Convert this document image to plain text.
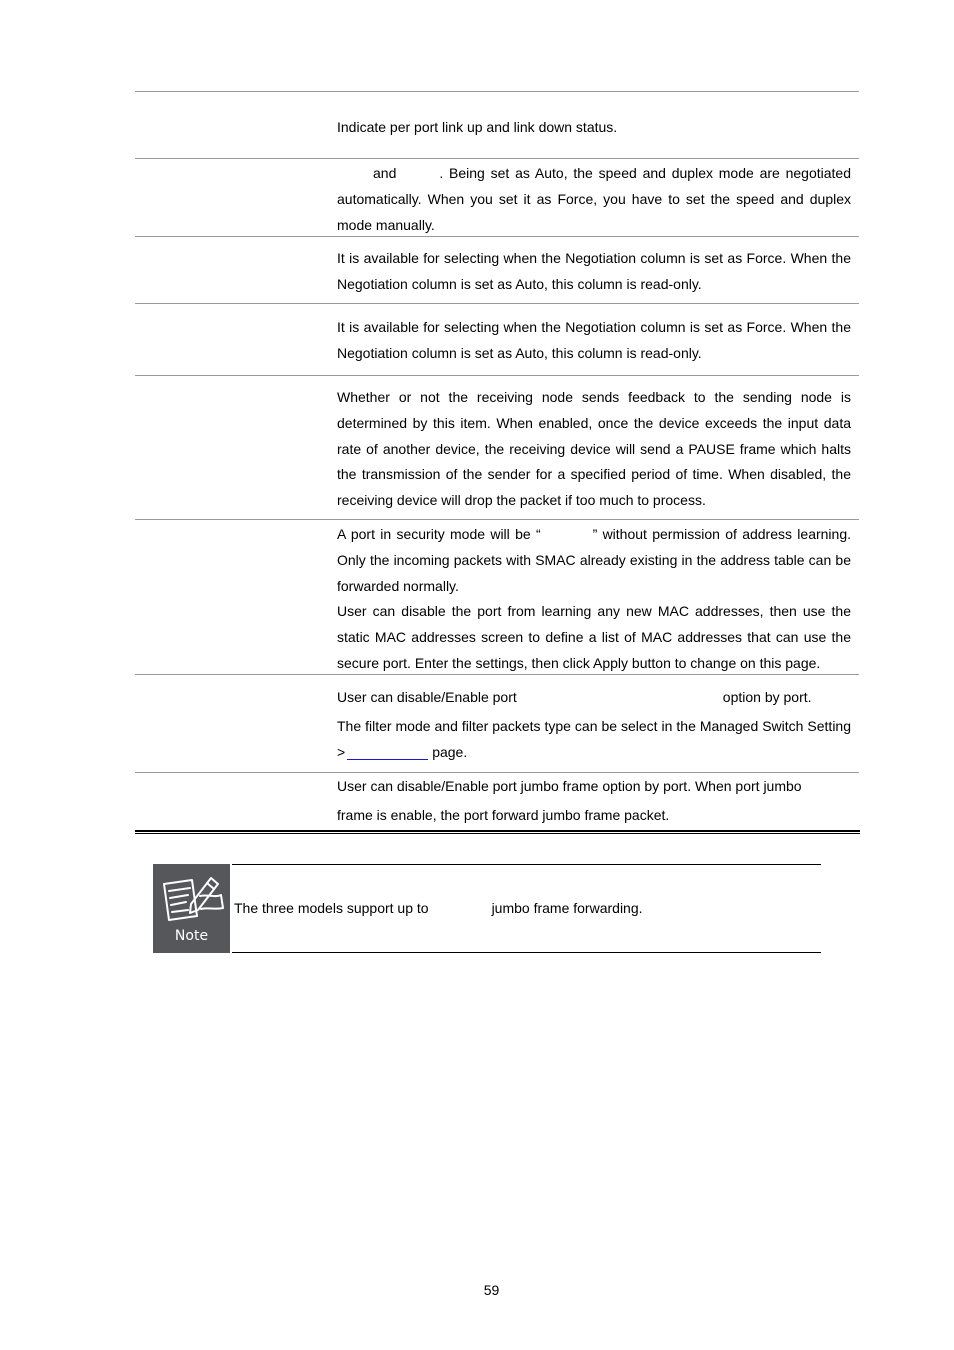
Indicate per port link up and link down status.

and	. Being set as Auto, the speed and duplex mode are negotiated automatically. When you set it as Force, you have to set the speed and duplex mode manually.

It is available for selecting when the Negotiation column is set as Force. When the Negotiation column is set as Auto, this column is read-only.

It is available for selecting when the Negotiation column is set as Force. When the Negotiation column is set as Auto, this column is read-only.

Whether or not the receiving node sends feedback to the sending node is determined by this item. When enabled, once the device exceeds the input data rate of another device, the receiving device will send a PAUSE frame which halts the transmission of the sender for a specified period of time. When disabled, the receiving device will drop the packet if too much to process.

A port in security mode will be “	” without permission of address learning. Only the incoming packets with SMAC already existing in the address table can be forwarded normally.
User can disable the port from learning any new MAC addresses, then use the static MAC addresses screen to define a list of MAC addresses that can use the secure port. Enter the settings, then click Apply button to change on this page.

User can disable/Enable port	option by port.

The filter mode and filter packets type can be select in the Managed Switch Setting >	page.

User can disable/Enable port jumbo frame option by port. When port jumbo
frame is enable, the port forward jumbo frame packet.
Note
The three models support up to	jumbo frame forwarding.
59
